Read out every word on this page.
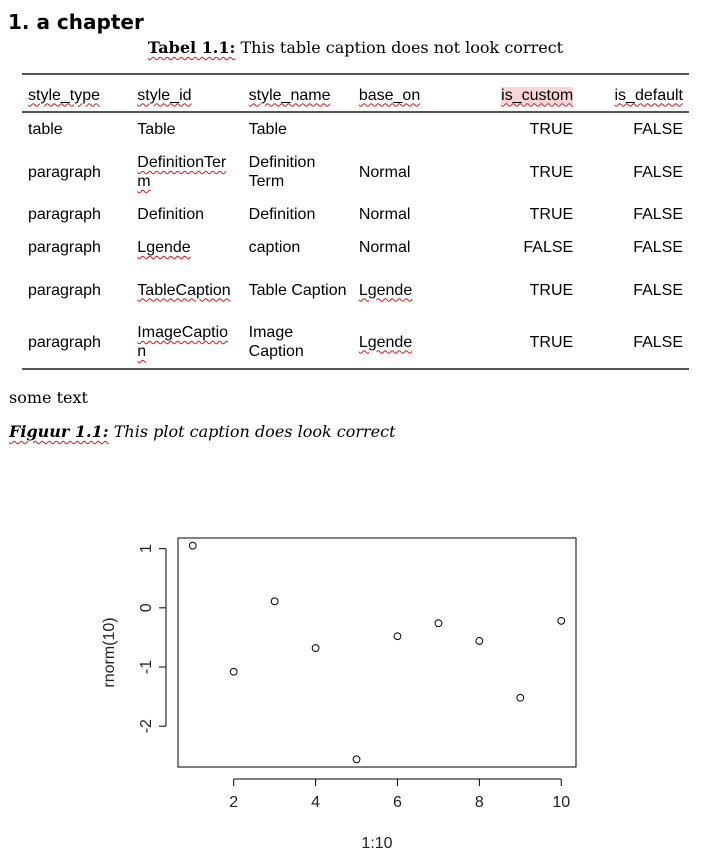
1. a chapter
Tabel 1.1: This table caption does not look correct
style_type	style_id	style_name	base_on	is_custom	is_default
table	Table	Table		TRUE	FALSE
paragraph	DefinitionTerm	Definition Term	Normal	TRUE	FALSE
paragraph	Definition	Definition	Normal	TRUE	FALSE
paragraph	Lgende	caption	Normal	FALSE	FALSE
paragraph	TableCaption	Table Caption	Lgende	TRUE	FALSE
paragraph	ImageCaption	Image Caption	Lgende	TRUE	FALSE
some text
Figuur 1.1: This plot caption does look correct
2	4	6	8	10
-2
-1
0
1
1:10
rnorm(10)
